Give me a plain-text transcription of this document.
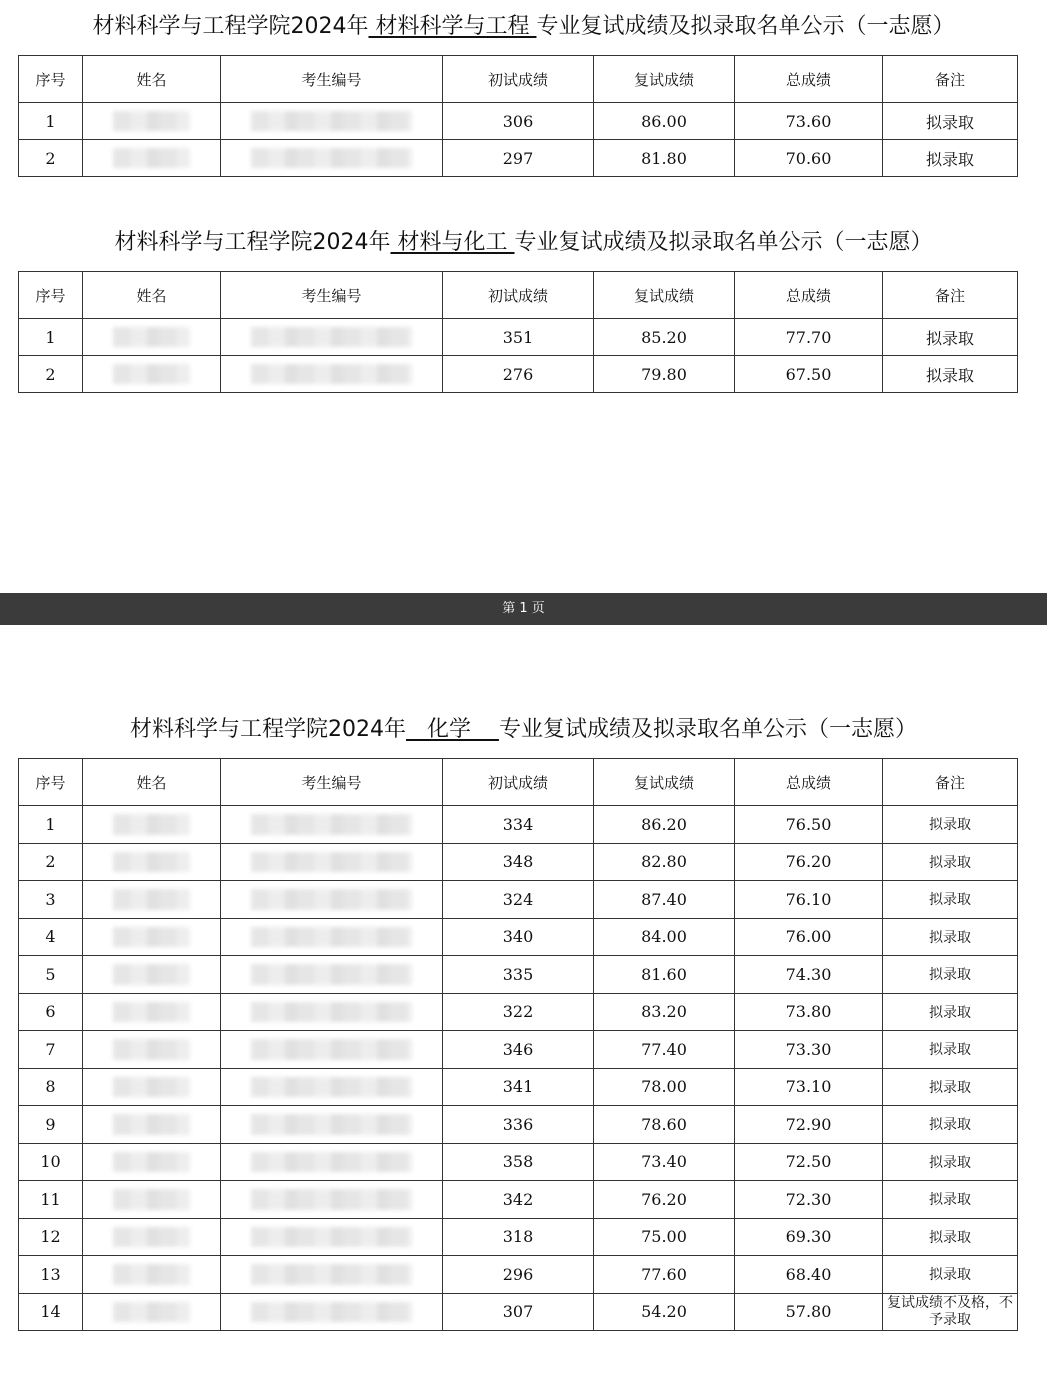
材料科学与工程学院2024年 材料科学与工程 专业复试成绩及拟录取名单公示（一志愿）
序号	姓名	考生编号	初试成绩	复试成绩	总成绩	备注
1			306	86.00	73.60	拟录取
2			297	81.80	70.60	拟录取
材料科学与工程学院2024年 材料与化工 专业复试成绩及拟录取名单公示（一志愿）
序号	姓名	考生编号	初试成绩	复试成绩	总成绩	备注
1			351	85.20	77.70	拟录取
2			276	79.80	67.50	拟录取
第 1 页
材料科学与工程学院2024年   化学    专业复试成绩及拟录取名单公示（一志愿）
序号	姓名	考生编号	初试成绩	复试成绩	总成绩	备注
1			334	86.20	76.50	拟录取
2			348	82.80	76.20	拟录取
3			324	87.40	76.10	拟录取
4			340	84.00	76.00	拟录取
5			335	81.60	74.30	拟录取
6			322	83.20	73.80	拟录取
7			346	77.40	73.30	拟录取
8			341	78.00	73.10	拟录取
9			336	78.60	72.90	拟录取
10			358	73.40	72.50	拟录取
11			342	76.20	72.30	拟录取
12			318	75.00	69.30	拟录取
13			296	77.60	68.40	拟录取
14			307	54.20	57.80	复试成绩不及格，不予录取
